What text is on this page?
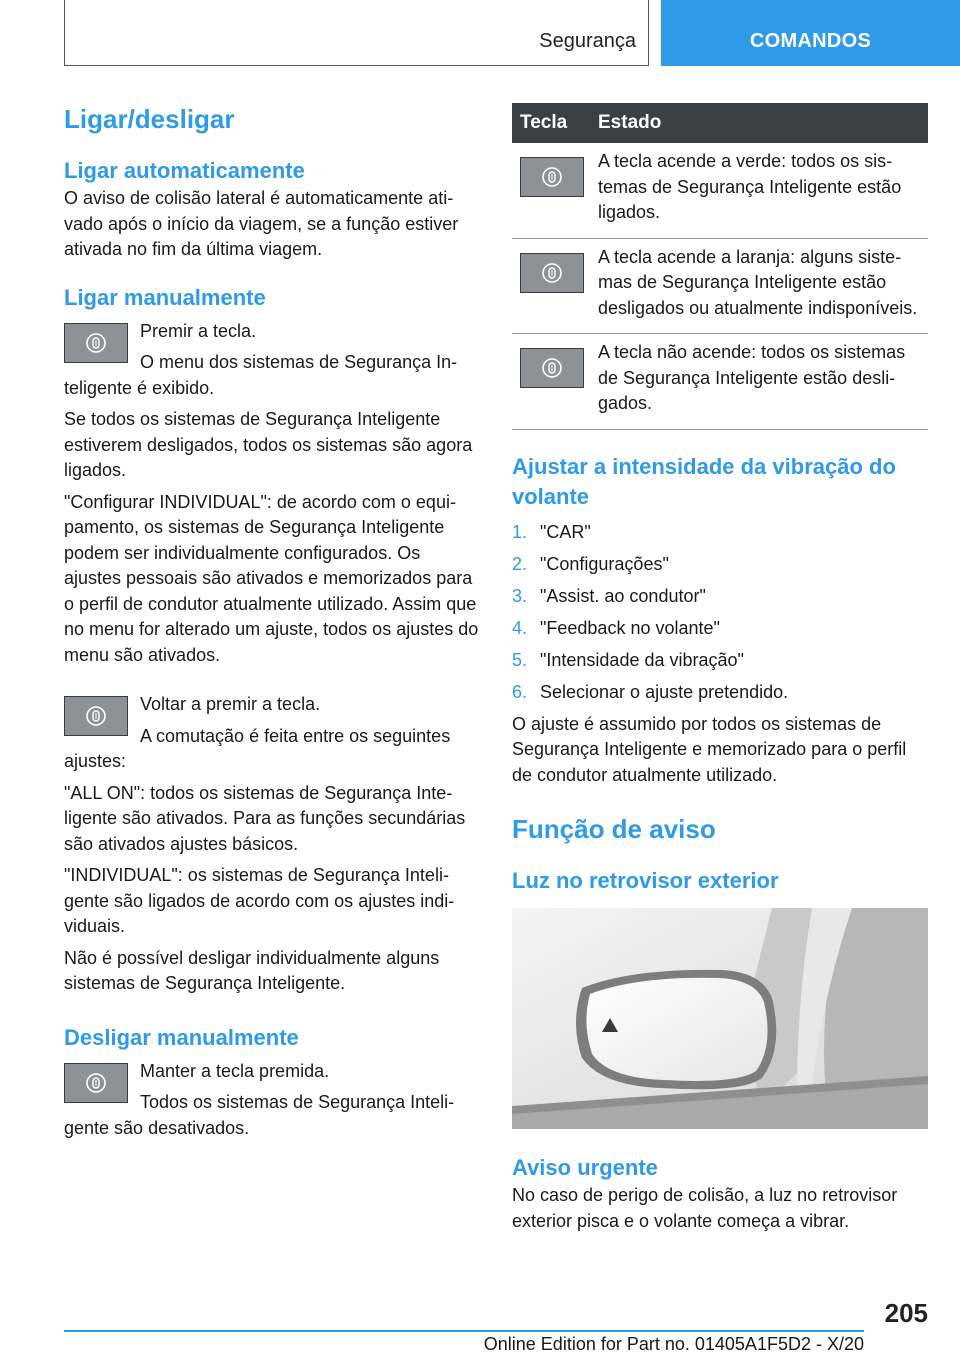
Segurança	COMANDOS
Ligar/desligar
Ligar automaticamente

O aviso de colisão lateral é automaticamente ativado após o início da viagem, se a função estiver ativada no fim da última viagem.

Ligar manualmente

Premir a tecla.

O menu dos sistemas de Segurança Inteligente é exibido.

Se todos os sistemas de Segurança Inteligente estiverem desligados, todos os sistemas são agora ligados.

"Configurar INDIVIDUAL": de acordo com o equipamento, os sistemas de Segurança Inteligente podem ser individualmente configurados. Os ajustes pessoais são ativados e memorizados para o perfil de condutor atualmente utilizado. Assim que no menu for alterado um ajuste, todos os ajustes do menu são ativados.

Voltar a premir a tecla.

A comutação é feita entre os seguintes ajustes:

"ALL ON": todos os sistemas de Segurança Inteligente são ativados. Para as funções secundárias são ativados ajustes básicos.

"INDIVIDUAL": os sistemas de Segurança Inteligente são ligados de acordo com os ajustes individuais.

Não é possível desligar individualmente alguns sistemas de Segurança Inteligente.

Desligar manualmente

Manter a tecla premida.

Todos os sistemas de Segurança Inteligente são desativados.

Tecla	Estado

	A tecla acende a verde: todos os sistemas de Segurança Inteligente estão ligados.

	A tecla acende a laranja: alguns sistemas de Segurança Inteligente estão desligados ou atualmente indisponíveis.

	A tecla não acende: todos os sistemas de Segurança Inteligente estão desligados.
Ajustar a intensidade da vibração do volante
1. "CAR"
2. "Configurações"
3. "Assist. ao condutor"
4. "Feedback no volante"
5. "Intensidade da vibração"
6. Selecionar o ajuste pretendido.

O ajuste é assumido por todos os sistemas de Segurança Inteligente e memorizado para o perfil de condutor atualmente utilizado.

Função de aviso
Luz no retrovisor exterior
Aviso urgente

No caso de perigo de colisão, a luz no retrovisor exterior pisca e o volante começa a vibrar.

205
Online Edition for Part no. 01405A1F5D2 - X/20
